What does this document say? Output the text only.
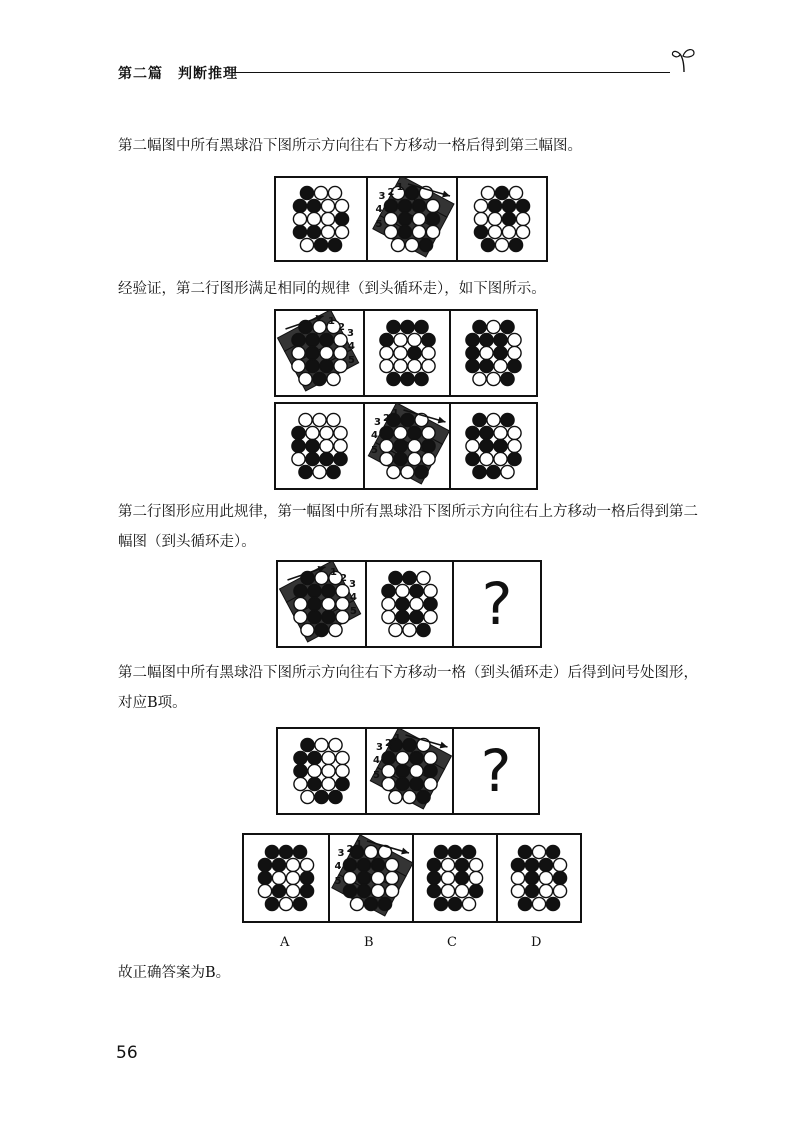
第二篇　判断推理
第二幅图中所有黑球沿下图所示方向往右下方移动一格后得到第三幅图。
1
2
3
4
5
经验证，第二行图形满足相同的规律（到头循环走），如下图所示。
1
2
3
4
5
1
2
3
4
5
第二行图形应用此规律，第一幅图中所有黑球沿下图所示方向往右上方移动一格后得到第二幅图（到头循环走）。
1
2
3
4
5 ?
第二幅图中所有黑球沿下图所示方向往右下方移动一格（到头循环走）后得到问号处图形，对应B项。
1
2
3
4
5 ?
1
2
3
4
5
A	B	C	D
故正确答案为B。
56
